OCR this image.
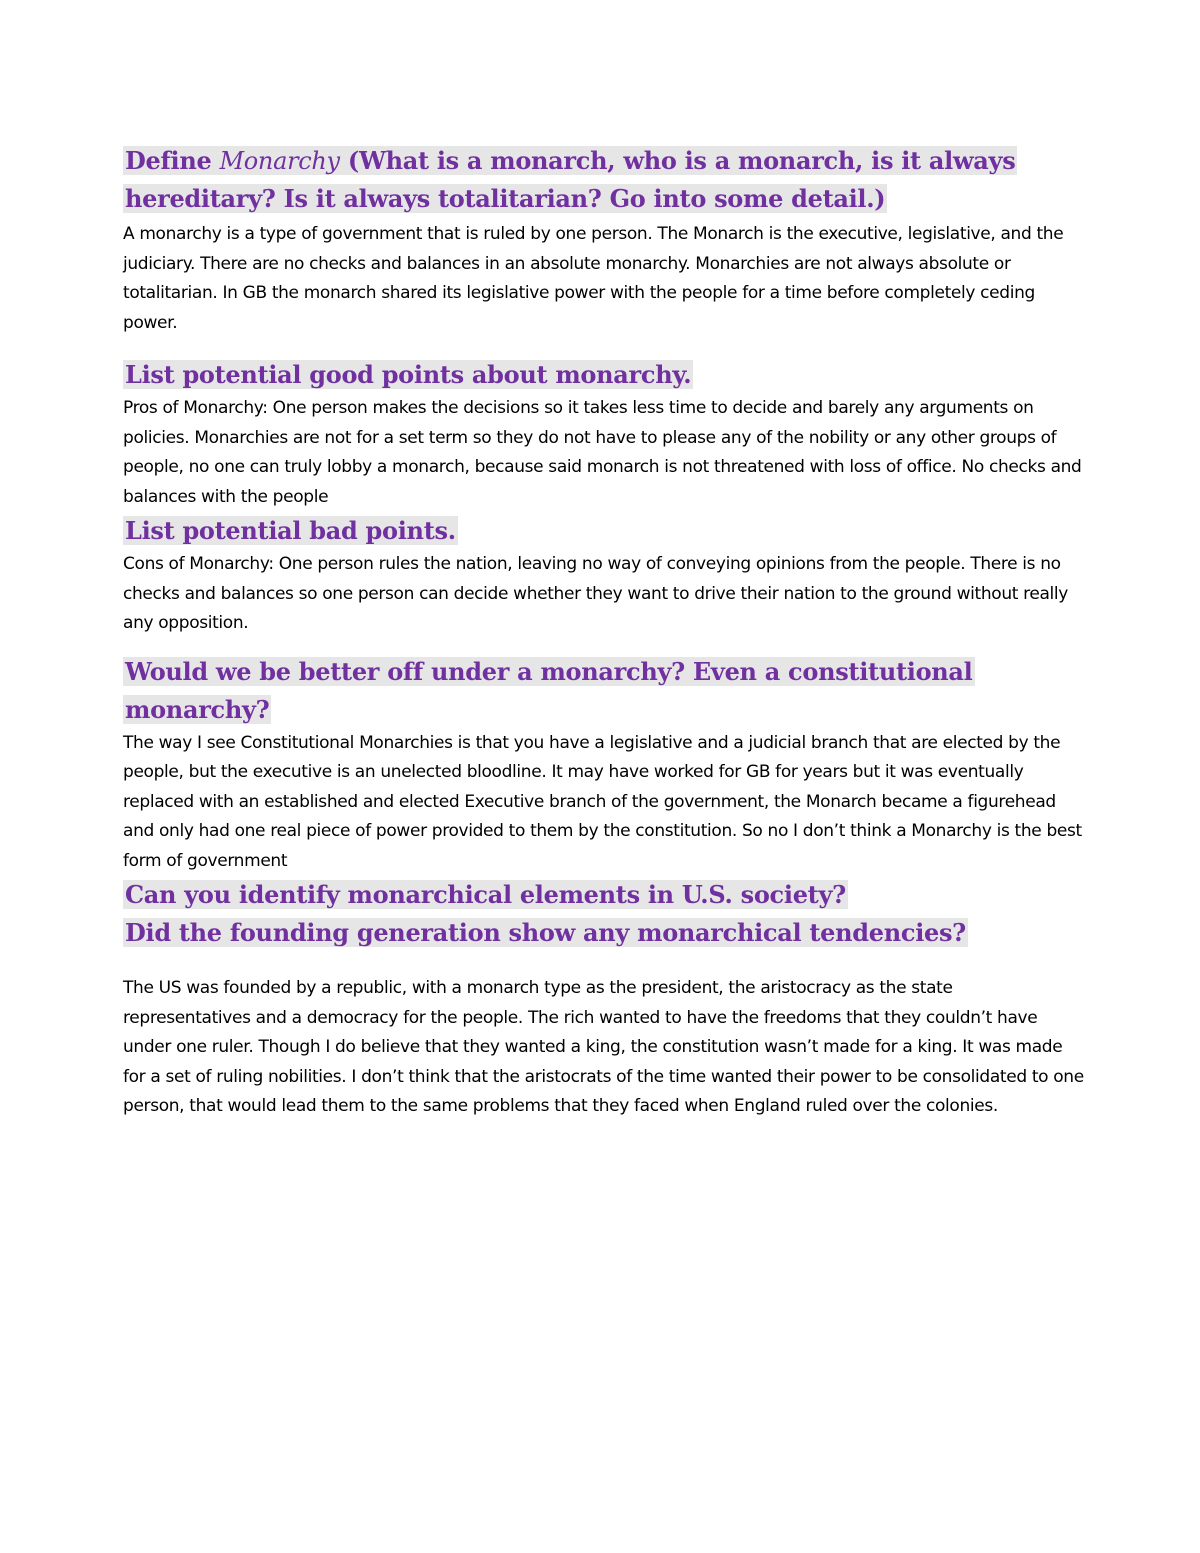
Define Monarchy (What is a monarch, who is a monarch, is it always hereditary? Is it always totalitarian? Go into some detail.)

A monarchy is a type of government that is ruled by one person. The Monarch is the executive, legislative, and the judiciary. There are no checks and balances in an absolute monarchy. Monarchies are not always absolute or totalitarian. In GB the monarch shared its legislative power with the people for a time before completely ceding power.

List potential good points about monarchy.

Pros of Monarchy: One person makes the decisions so it takes less time to decide and barely any arguments on policies. Monarchies are not for a set term so they do not have to please any of the nobility or any other groups of people, no one can truly lobby a monarch, because said monarch is not threatened with loss of office. No checks and balances with the people

List potential bad points.

Cons of Monarchy: One person rules the nation, leaving no way of conveying opinions from the people. There is no checks and balances so one person can decide whether they want to drive their nation to the ground without really any opposition.

Would we be better off under a monarchy? Even a constitutional monarchy?

The way I see Constitutional Monarchies is that you have a legislative and a judicial branch that are elected by the people, but the executive is an unelected bloodline. It may have worked for GB for years but it was eventually replaced with an established and elected Executive branch of the government, the Monarch became a figurehead and only had one real piece of power provided to them by the constitution. So no I don’t think a Monarchy is the best form of government

Can you identify monarchical elements in U.S. society?

Did the founding generation show any monarchical tendencies?

The US was founded by a republic, with a monarch type as the president, the aristocracy as the state representatives and a democracy for the people. The rich wanted to have the freedoms that they couldn’t have under one ruler. Though I do believe that they wanted a king, the constitution wasn’t made for a king. It was made for a set of ruling nobilities. I don’t think that the aristocrats of the time wanted their power to be consolidated to one person, that would lead them to the same problems that they faced when England ruled over the colonies.
